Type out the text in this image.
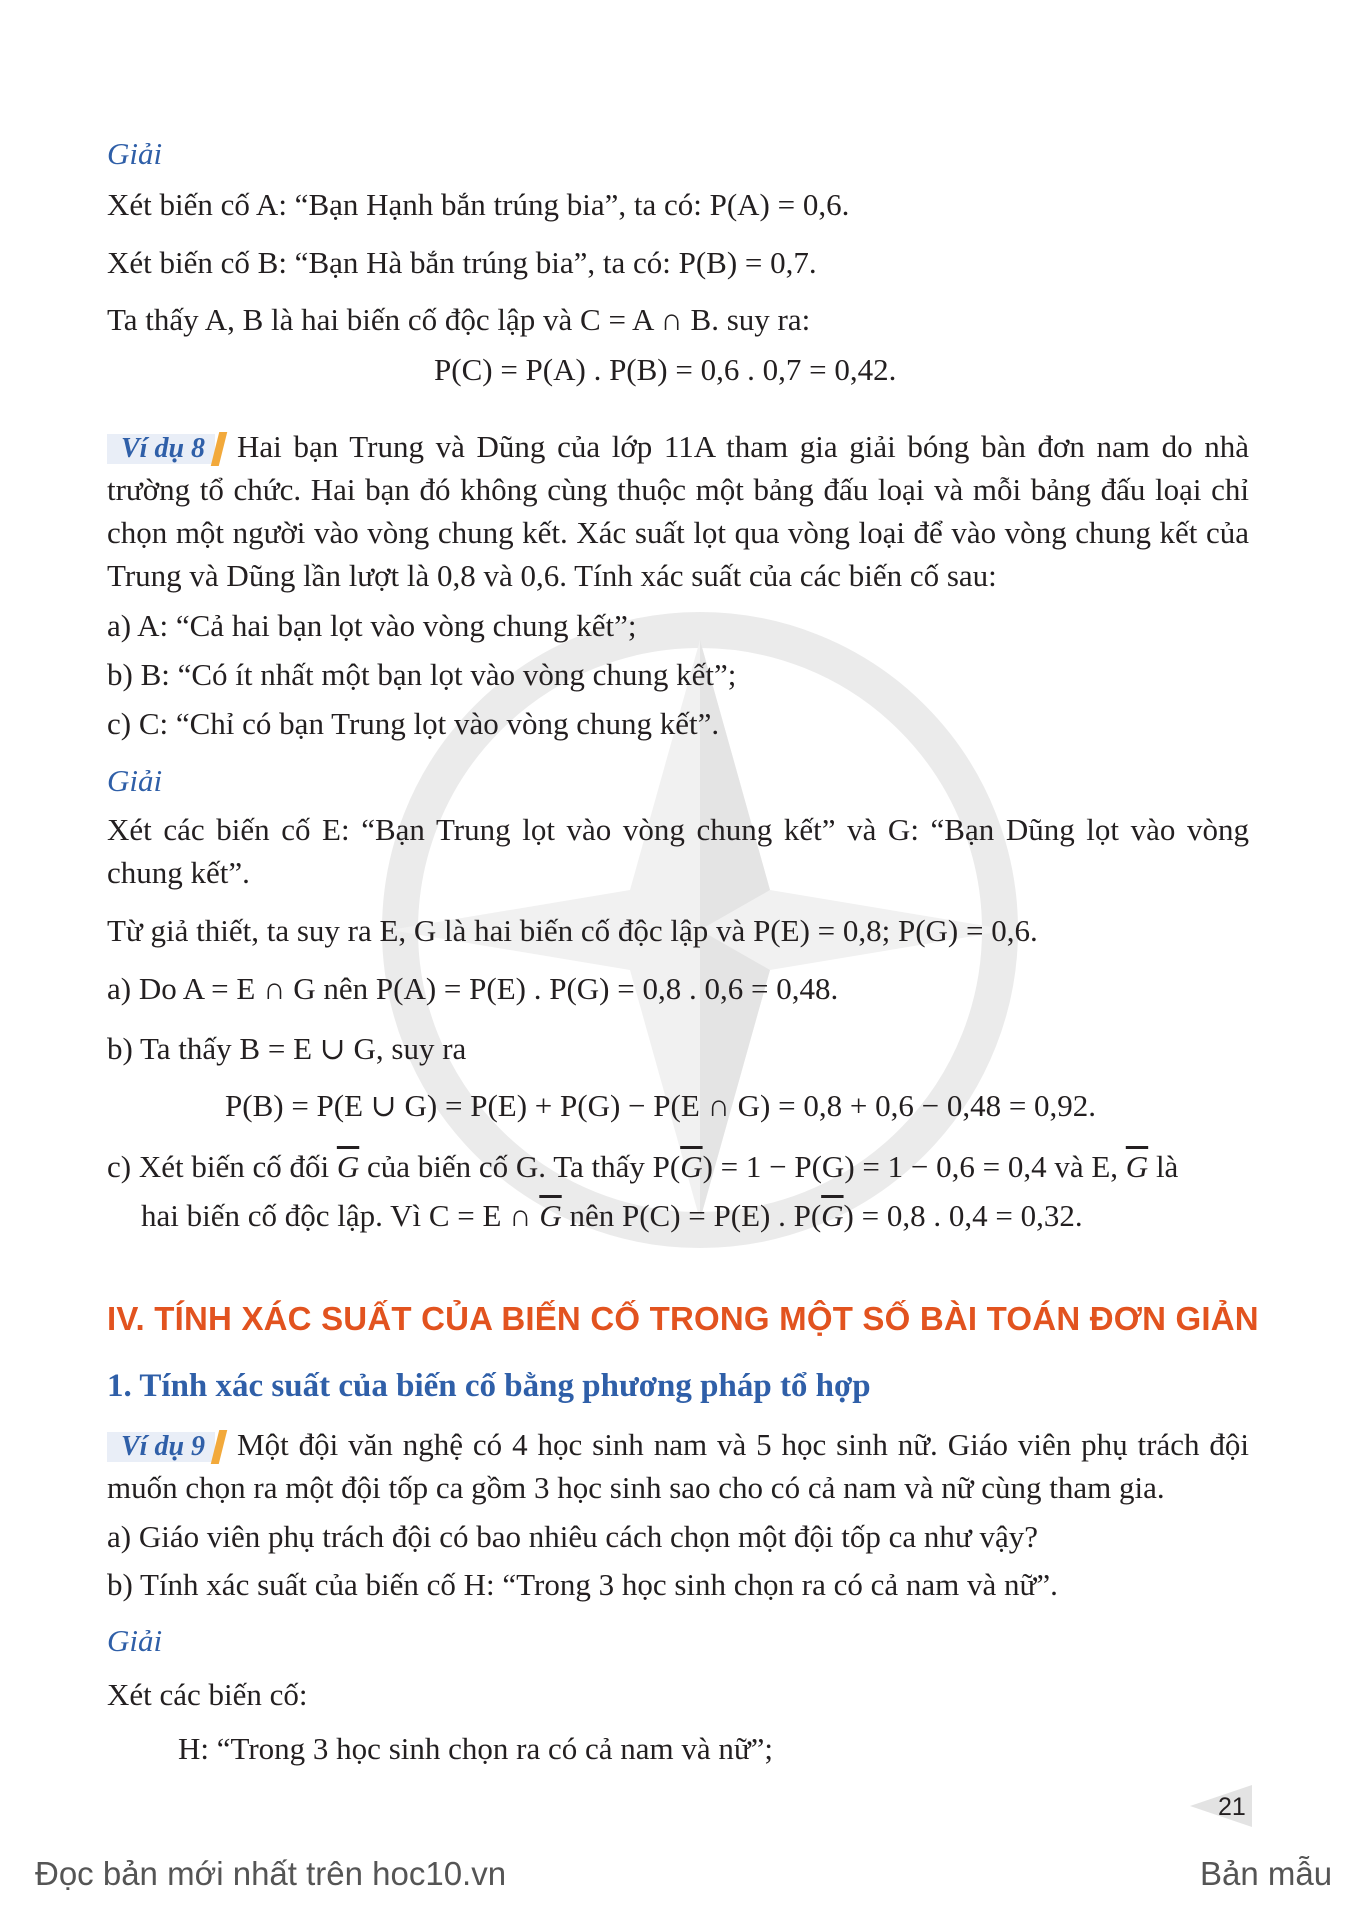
Giải
Xét biến cố A: “Bạn Hạnh bắn trúng bia”, ta có: P(A) = 0,6.
Xét biến cố B: “Bạn Hà bắn trúng bia”, ta có: P(B) = 0,7.
Ta thấy A, B là hai biến cố độc lập và C = A ∩ B. suy ra:
P(C) = P(A) . P(B) = 0,6 . 0,7 = 0,42.
Ví dụ 8 Hai bạn Trung và Dũng của lớp 11A tham gia giải bóng bàn đơn nam do nhà trường tổ chức. Hai bạn đó không cùng thuộc một bảng đấu loại và mỗi bảng đấu loại chỉ chọn một người vào vòng chung kết. Xác suất lọt qua vòng loại để vào vòng chung kết của Trung và Dũng lần lượt là 0,8 và 0,6. Tính xác suất của các biến cố sau:
a) A: “Cả hai bạn lọt vào vòng chung kết”;
b) B: “Có ít nhất một bạn lọt vào vòng chung kết”;
c) C: “Chỉ có bạn Trung lọt vào vòng chung kết”.
Giải
Xét các biến cố E: “Bạn Trung lọt vào vòng chung kết” và G: “Bạn Dũng lọt vào vòng chung kết”.
Từ giả thiết, ta suy ra E, G là hai biến cố độc lập và P(E) = 0,8; P(G) = 0,6.
a) Do A = E ∩ G nên P(A) = P(E) . P(G) = 0,8 . 0,6 = 0,48.
b) Ta thấy B = E ∪ G, suy ra
P(B) = P(E ∪ G) = P(E) + P(G) − P(E ∩ G) = 0,8 + 0,6 − 0,48 = 0,92.
c) Xét biến cố đối $\overline{G}$ của biến cố G. Ta thấy $P(\overline{G}) = 1 - P(G) = 1 - 0,6 = 0,4$ và E, $\overline{G}$ là
hai biến cố độc lập. Vì C = E ∩ $\overline{G}$ nên P(C) = P(E) . $P(\overline{G}) = 0,8$ . 0,4 = 0,32.
IV. TÍNH XÁC SUẤT CỦA BIẾN CỐ TRONG MỘT SỐ BÀI TOÁN ĐƠN GIẢN
1. Tính xác suất của biến cố bằng phương pháp tổ hợp
Ví dụ 9 Một đội văn nghệ có 4 học sinh nam và 5 học sinh nữ. Giáo viên phụ trách đội muốn chọn ra một đội tốp ca gồm 3 học sinh sao cho có cả nam và nữ cùng tham gia.
a) Giáo viên phụ trách đội có bao nhiêu cách chọn một đội tốp ca như vậy?
b) Tính xác suất của biến cố H: “Trong 3 học sinh chọn ra có cả nam và nữ”.
Giải
Xét các biến cố:
H: “Trong 3 học sinh chọn ra có cả nam và nữ”;
21
Đọc bản mới nhất trên hoc10.vn	Bản mẫu
